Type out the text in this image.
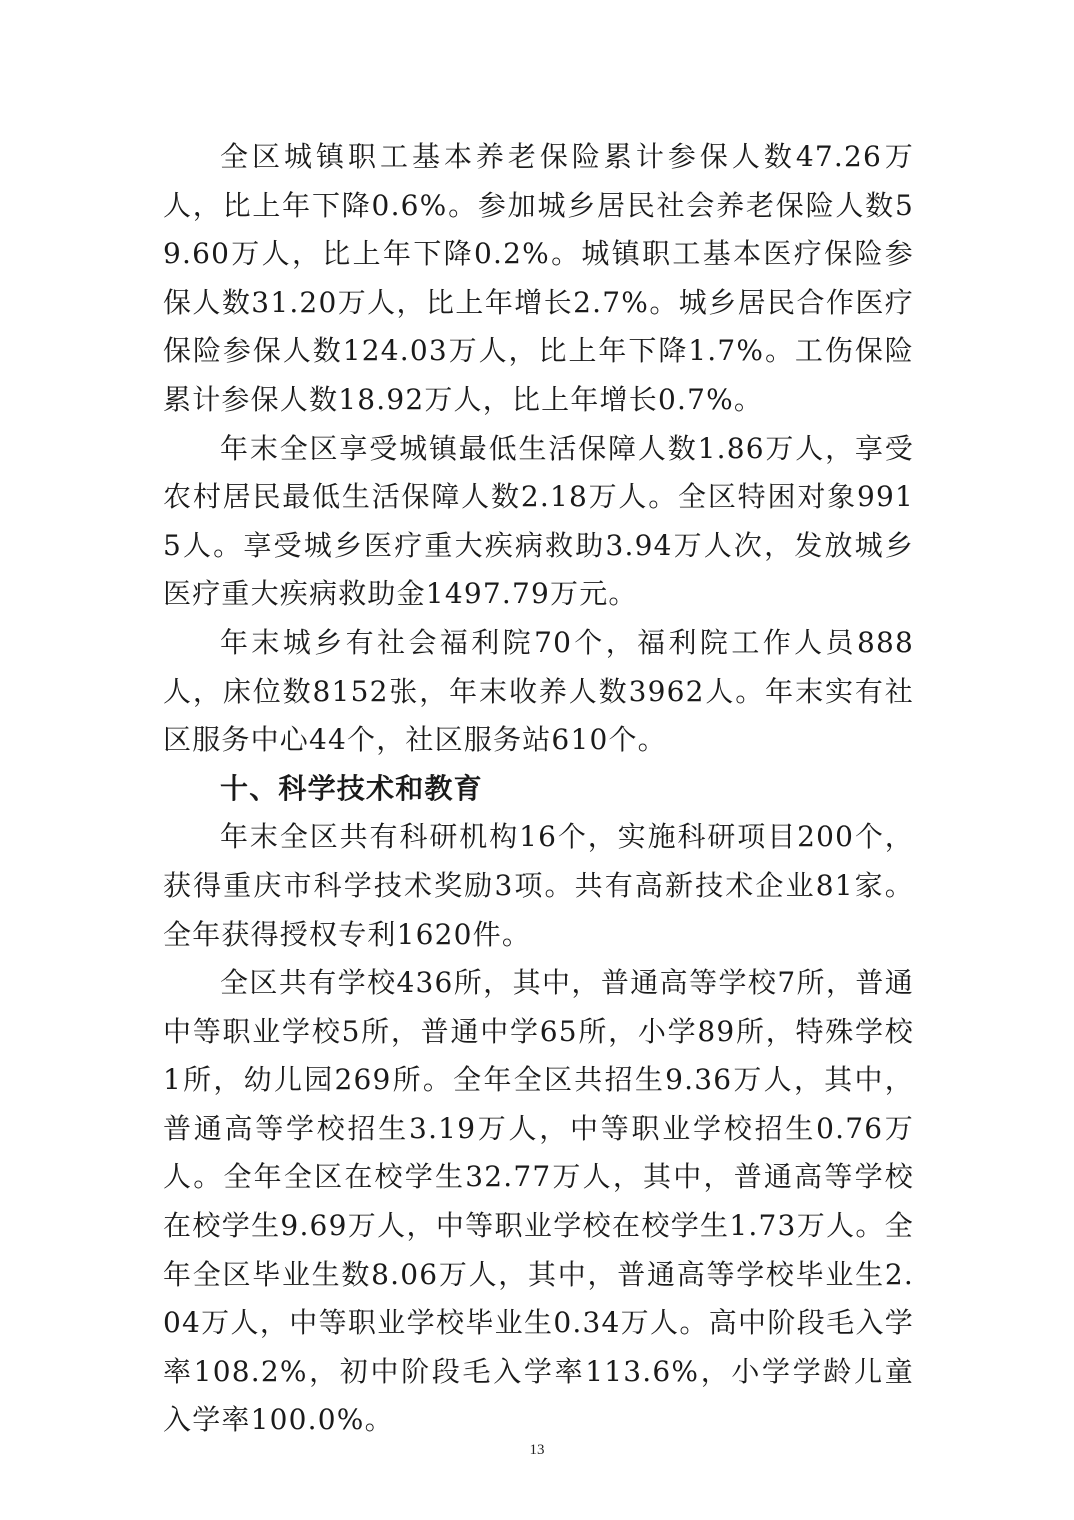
全区城镇职工基本养老保险累计参保人数47.26万人，比上年下降0.6%。参加城乡居民社会养老保险人数59.60万人，比上年下降0.2%。城镇职工基本医疗保险参保人数31.20万人，比上年增长2.7%。城乡居民合作医疗保险参保人数124.03万人，比上年下降1.7%。工伤保险累计参保人数18.92万人，比上年增长0.7%。

年末全区享受城镇最低生活保障人数1.86万人，享受农村居民最低生活保障人数2.18万人。全区特困对象9915人。享受城乡医疗重大疾病救助3.94万人次，发放城乡医疗重大疾病救助金1497.79万元。

年末城乡有社会福利院70个，福利院工作人员888人，床位数8152张，年末收养人数3962人。年末实有社区服务中心44个，社区服务站610个。

十、科学技术和教育

年末全区共有科研机构16个，实施科研项目200个，获得重庆市科学技术奖励3项。共有高新技术企业81家。全年获得授权专利1620件。

全区共有学校436所，其中，普通高等学校7所，普通中等职业学校5所，普通中学65所，小学89所，特殊学校1所，幼儿园269所。全年全区共招生9.36万人，其中，普通高等学校招生3.19万人，中等职业学校招生0.76万人。全年全区在校学生32.77万人，其中，普通高等学校在校学生9.69万人，中等职业学校在校学生1.73万人。全年全区毕业生数8.06万人，其中，普通高等学校毕业生2.04万人，中等职业学校毕业生0.34万人。高中阶段毛入学率108.2%，初中阶段毛入学率113.6%，小学学龄儿童入学率100.0%。

13
